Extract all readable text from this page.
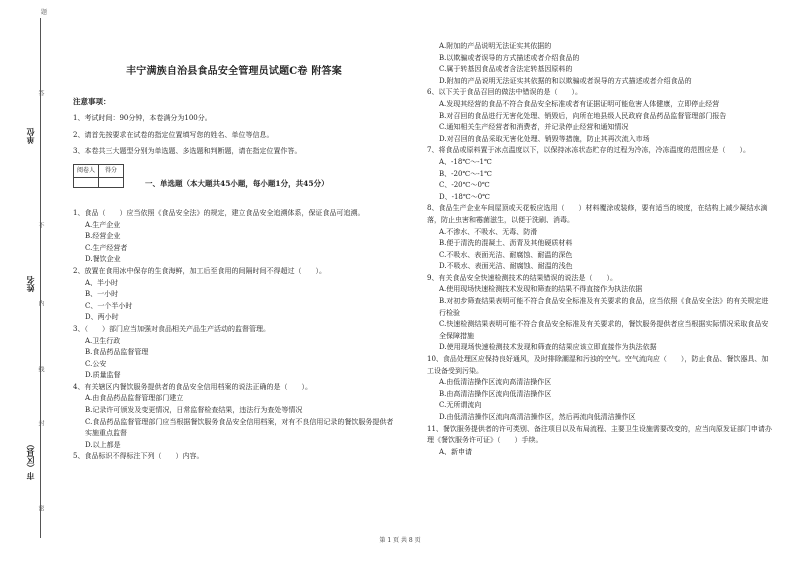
题
单位
姓名
市（区县）
答
不
内
线
封
密
丰宁满族自治县食品安全管理员试题C卷 附答案
注意事项：
1、考试时间：90分钟，本卷满分为100分。
2、请首先按要求在试卷的指定位置填写您的姓名、单位等信息。
3、本卷共三大题型分别为单选题、多选题和判断题，请在指定位置作答。
阅卷人	得分

一、单选题（本大题共45小题，每小题1分，共45分）
1、食品（　　）应当依照《食品安全法》的规定，建立食品安全追溯体系，保证食品可追溯。
A.生产企业
B.经营企业
C.生产经营者
D.餐饮企业
2、放置在食用冰中保存的生食海鲜，加工后至食用的间隔时间不得超过（　　）。
A、半小时
B、一小时
C、一个半小时
D、两小时
3、（　　）部门应当加强对食品相关产品生产活动的监督管理。
A.卫生行政
B.食品药品监督管理
C.公安
D.质量监督
4、有关辖区内餐饮服务提供者的食品安全信用档案的说法正确的是（　　）。
A.由食品药品监督管理部门建立
B.记录许可颁发及变更情况，日常监督检查结果，违法行为查处等情况
C.食品药品监督管理部门应当根据餐饮服务食品安全信用档案，对有不良信用记录的餐饮服务提供者实施重点监督
D.以上都是
5、食品标识不得标注下列（　　）内容。
A.附加的产品说明无法证实其依据的
B.以欺骗或者误导的方式描述或者介绍食品的
C.属于转基因食品或者含法定转基因原料的
D.附加的产品说明无法证实其依据的和以欺骗或者误导的方式描述或者介绍食品的
6、以下关于食品召回的做法中错误的是（　　）。
A.发现其经营的食品不符合食品安全标准或者有证据证明可能危害人体健康，立即停止经营
B.对召回的食品进行无害化处理、销毁后，向所在地县级人民政府食品药品监督管理部门报告
C.通知相关生产经营者和消费者，并记录停止经营和通知情况
D.对召回的食品采取无害化处理、销毁等措施，防止其再次流入市场
7、将食品或原料置于冰点温度以下，以保持冰冻状态贮存的过程为冷冻，冷冻温度的范围应是（　　）。
A、-18℃～-1℃
B、-20℃～-1℃
C、-20℃～0℃
D、-18℃～0℃
8、食品生产企业车间屋顶或天花板应选用（　　）材料覆涂或装修，要有适当的坡度，在结构上减少凝结水滴落，防止虫害和霉菌滋生，以便于洗刷、消毒。
A.不渗水、不吸水、无毒、防滑
B.便于清洗的混凝土、沥青及其他硬质材料
C.不吸水、表面光洁、耐腐蚀、耐温的深色
D.不吸水、表面光洁、耐腐蚀、耐温的浅色
9、有关食品安全快速检测技术的结果错误的说法是（　　）。
A.使用现场快速检测技术发现和筛查的结果不得直接作为执法依据
B.对初步筛查结果表明可能不符合食品安全标准及有关要求的食品，应当依照《食品安全法》的有关规定进行检验
C.快速检测结果表明可能不符合食品安全标准及有关要求的，餐饮服务提供者应当根据实际情况采取食品安全保障措施
D.使用现场快速检测技术发现和筛查的结果应该立即直接作为执法依据
10、食品处理区应保持良好通风，及时排除潮湿和污浊的空气。空气流向应（　　），防止食品、餐饮器具、加工设备受到污染。
A.由低清洁操作区流向高清洁操作区
B.由高清洁操作区流向低清洁操作区
C.无所谓流向
D.由低清洁操作区流向高清洁操作区，然后再流向低清洁操作区
11、餐饮服务提供者的许可类别、备注项目以及布局流程、主要卫生设施需要改变的，应当向原发证部门申请办理《餐饮服务许可证》（　　）手续。
A、新申请
第 1 页 共 8 页
